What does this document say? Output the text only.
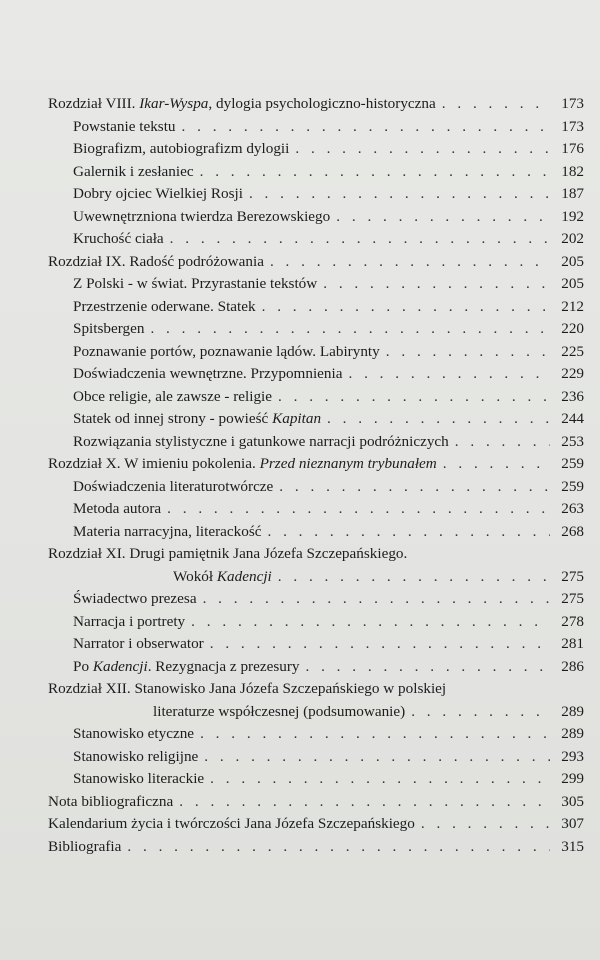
Rozdział VIII. Ikar-Wyspa, dylogia psychologiczno-historyczna . . .	173
Powstanie tekstu . . .	173
Biografizm, autobiografizm dylogii . . .	176
Galernik i zesłaniec . . .	182
Dobry ojciec Wielkiej Rosji . . .	187
Uwewnętrzniona twierdza Berezowskiego . . .	192
Kruchość ciała . . .	202
Rozdział IX. Radość podróżowania . . .	205
Z Polski - w świat. Przyrastanie tekstów . . .	205
Przestrzenie oderwane. Statek . . .	212
Spitsbergen . . .	220
Poznawanie portów, poznawanie lądów. Labirynty . . .	225
Doświadczenia wewnętrzne. Przypomnienia . . .	229
Obce religie, ale zawsze - religie . . .	236
Statek od innej strony - powieść Kapitan . . .	244
Rozwiązania stylistyczne i gatunkowe narracji podróżniczych . . .	253
Rozdział X. W imieniu pokolenia. Przed nieznanym trybunałem . . .	259
Doświadczenia literaturotwórcze . . .	259
Metoda autora . . .	263
Materia narracyjna, literackość . . .	268
Rozdział XI. Drugi pamiętnik Jana Józefa Szczepańskiego.
Wokół Kadencji . . .	275
Świadectwo prezesa . . .	275
Narracja i portrety . . .	278
Narrator i obserwator . . .	281
Po Kadencji. Rezygnacja z prezesury . . .	286
Rozdział XII. Stanowisko Jana Józefa Szczepańskiego w polskiej
literaturze współczesnej (podsumowanie) . . .	289
Stanowisko etyczne . . .	289
Stanowisko religijne . . .	293
Stanowisko literackie . . .	299
Nota bibliograficzna . . .	305
Kalendarium życia i twórczości Jana Józefa Szczepańskiego . . .	307
Bibliografia . . .	315
